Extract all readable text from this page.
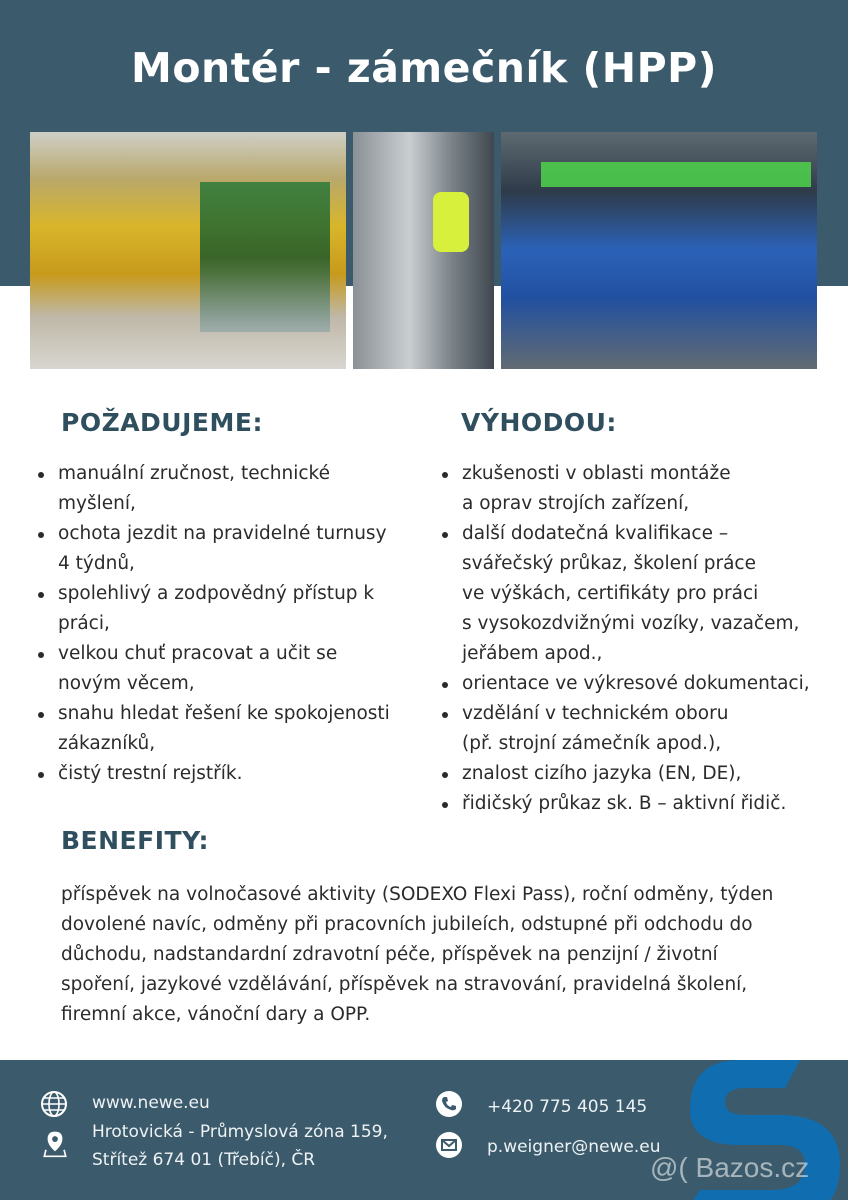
Montér - zámečník (HPP)
POŽADUJEME:
manuální zručnost, technické
myšlení,
ochota jezdit na pravidelné turnusy
4 týdnů,
spolehlivý a zodpovědný přístup k
práci,
velkou chuť pracovat a učit se
novým věcem,
snahu hledat řešení ke spokojenosti
zákazníků,
čistý trestní rejstřík.
VÝHODOU:
zkušenosti v oblasti montáže
a oprav strojích zařízení,
další dodatečná kvalifikace –
svářečský průkaz, školení práce
ve výškách, certifikáty pro práci
s vysokozdvižnými vozíky, vazačem,
jeřábem apod.,
orientace ve výkresové dokumentaci,
vzdělání v technickém oboru
(př. strojní zámečník apod.),
znalost cizího jazyka (EN, DE),
řidičský průkaz sk. B – aktivní řidič.
BENEFITY:
příspěvek na volnočasové aktivity (SODEXO Flexi Pass), roční odměny, týden
dovolené navíc, odměny při pracovních jubileích, odstupné při odchodu do
důchodu, nadstandardní zdravotní péče, příspěvek na penzijní / životní
spoření, jazykové vzdělávání, příspěvek na stravování, pravidelná školení,
firemní akce, vánoční dary a OPP.
www.newe.eu
Hrotovická - Průmyslová zóna 159,
Střítež 674 01 (Třebíč), ČR
+420 775 405 145
p.weigner@newe.eu
@( Bazos.cz
